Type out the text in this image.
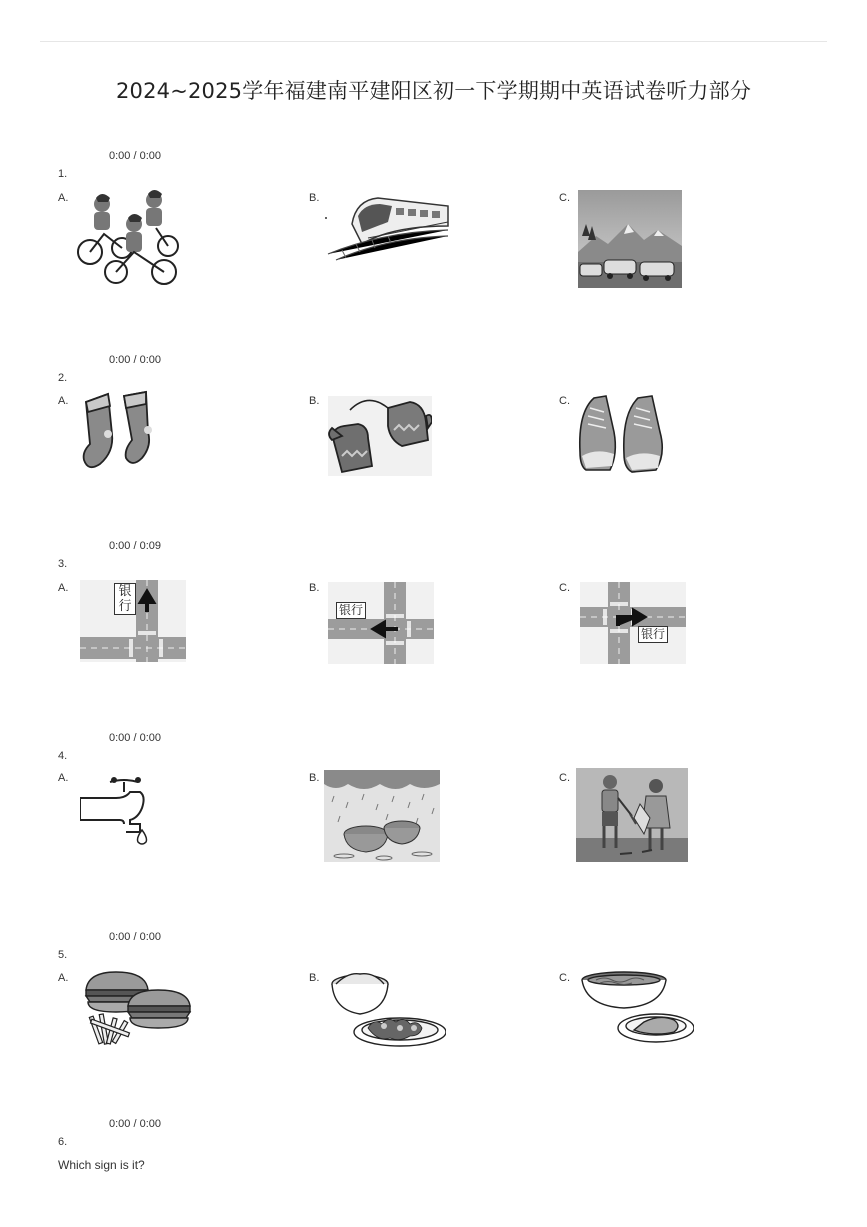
2024~2025学年福建南平建阳区初一下学期期中英语试卷听力部分
0:00 / 0:00
1.
A.	B.	C.
0:00 / 0:00
2.
A.	B.	C.
0:00 / 0:09
3.
A.	银
行
B.
银行
C.
银行
0:00 / 0:00
4.
A.	B.	C.
0:00 / 0:00
5.
A.	B.	C.
0:00 / 0:00
6.
Which sign is it?
